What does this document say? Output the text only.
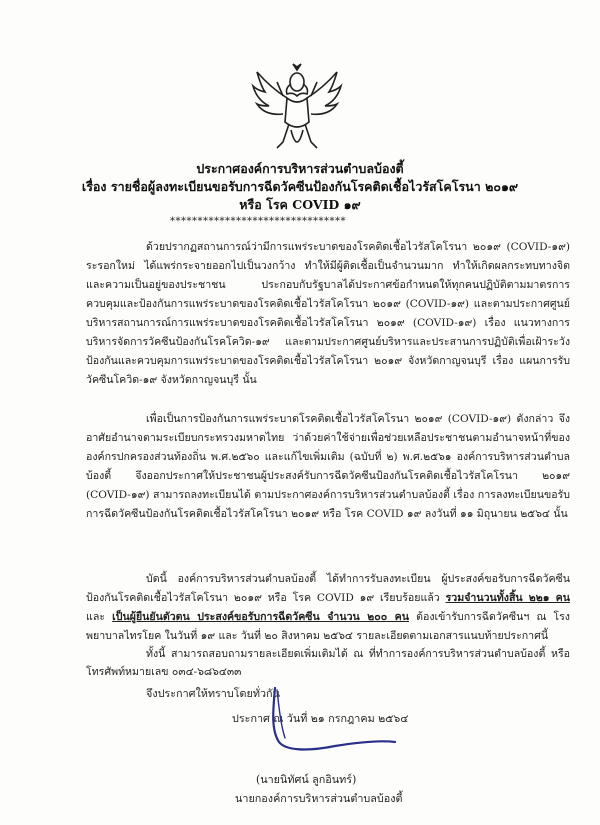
ประกาศองค์การบริหารส่วนตำบลบ้องตี้
เรื่อง รายชื่อผู้ลงทะเบียนขอรับการฉีดวัคซีนป้องกันโรคติดเชื้อไวรัสโคโรนา ๒๐๑๙
หรือ โรค COVID ๑๙
********************************

ด้วยปรากฏสถานการณ์ว่ามีการแพร่ระบาดของโรคติดเชื้อไวรัสโคโรนา ๒๐๑๙ (COVID-๑๙) ระรอกใหม่ ได้แพร่กระจายออกไปเป็นวงกว้าง ทำให้มีผู้ติดเชื้อเป็นจำนวนมาก ทำให้เกิดผลกระทบทางจิตและความเป็นอยู่ของประชาชน ประกอบกับรัฐบาลได้ประกาศข้อกำหนดให้ทุกคนปฏิบัติตามมาตรการควบคุมและป้องกันการแพร่ระบาดของโรคติดเชื้อไวรัสโคโรนา ๒๐๑๙ (COVID-๑๙) และตามประกาศศูนย์บริหารสถานการณ์การแพร่ระบาดของโรคติดเชื้อไวรัสโคโรนา ๒๐๑๙ (COVID-๑๙) เรื่อง แนวทางการบริหารจัดการวัคซีนป้องกันโรคโควิด-๑๙ และตามประกาศศูนย์บริหารและประสานการปฏิบัติเพื่อเฝ้าระวัง ป้องกันและควบคุมการแพร่ระบาดของโรคติดเชื้อไวรัสโคโรนา ๒๐๑๙ จังหวัดกาญจนบุรี เรื่อง แผนการรับวัคซีนโควิด-๑๙ จังหวัดกาญจนบุรี นั้น

เพื่อเป็นการป้องกันการแพร่ระบาดโรคติดเชื้อไวรัสโคโรนา ๒๐๑๙ (COVID-๑๙) ดังกล่าว จึงอาศัยอำนาจตามระเบียบกระทรวงมหาดไทย ว่าด้วยค่าใช้จ่ายเพื่อช่วยเหลือประชาชนตามอำนาจหน้าที่ขององค์กรปกครองส่วนท้องถิ่น พ.ศ.๒๕๖๐ และแก้ไขเพิ่มเติม (ฉบับที่ ๒) พ.ศ.๒๕๖๑ องค์การบริหารส่วนตำบลบ้องตี้ จึงออกประกาศให้ประชาชนผู้ประสงค์รับการฉีดวัคซีนป้องกันโรคติดเชื้อไวรัสโคโรนา ๒๐๑๙ (COVID-๑๙) สามารถลงทะเบียนได้ ตามประกาศองค์การบริหารส่วนตำบลบ้องตี้ เรื่อง การลงทะเบียนขอรับการฉีดวัคซีนป้องกันโรคติดเชื้อไวรัสโคโรนา ๒๐๑๙ หรือ โรค COVID ๑๙ ลงวันที่ ๑๑ มิถุนายน ๒๕๖๔ นั้น

บัดนี้ องค์การบริหารส่วนตำบลบ้องตี้ ได้ทำการรับลงทะเบียน ผู้ประสงค์ขอรับการฉีดวัคซีนป้องกันโรคติดเชื้อไวรัสโคโรนา ๒๐๑๙ หรือ โรค COVID ๑๙ เรียบร้อยแล้ว รวมจำนวนทั้งสิ้น ๒๒๑ คน และ เป็นผู้ยืนยันตัวตน ประสงค์ขอรับการฉีดวัคซีน จำนวน ๒๐๐ คน ต้องเข้ารับการฉีดวัคซีนฯ ณ โรงพยาบาลไทรโยค ในวันที่ ๑๙ และ วันที่ ๒๐ สิงหาคม ๒๕๖๔ รายละเอียดตามเอกสารแนบท้ายประกาศนี้

ทั้งนี้ สามารถสอบถามรายละเอียดเพิ่มเติมได้ ณ ที่ทำการองค์การบริหารส่วนตำบลบ้องตี้ หรือโทรศัพท์หมายเลข ๐๓๔-๖๘๖๔๓๓

จึงประกาศให้ทราบโดยทั่วกัน
ประกาศ ณ วันที่ ๒๑ กรกฎาคม ๒๕๖๔
(นายนิทัศน์ ลูกอินทร์)
นายกองค์การบริหารส่วนตำบลบ้องตี้
